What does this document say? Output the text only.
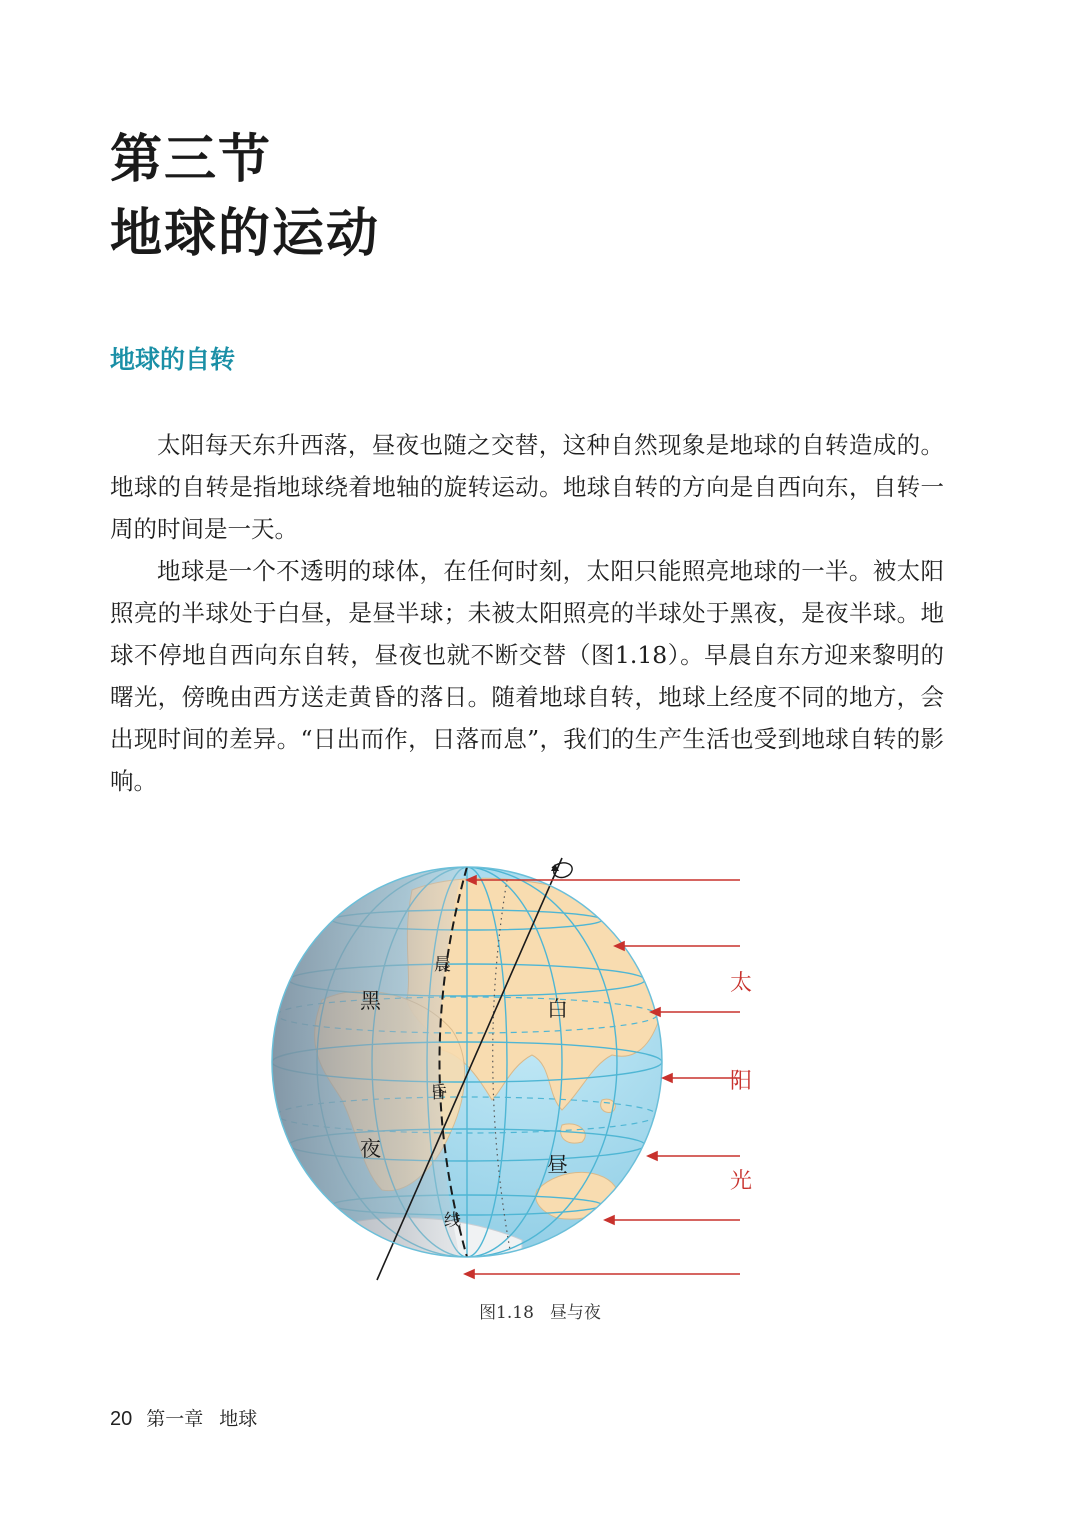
第三节
地球的运动
地球的自转

太阳每天东升西落，昼夜也随之交替，这种自然现象是地球的自转造成的。地球的自转是指地球绕着地轴的旋转运动。地球自转的方向是自西向东，自转一周的时间是一天。

地球是一个不透明的球体，在任何时刻，太阳只能照亮地球的一半。被太阳照亮的半球处于白昼，是昼半球；未被太阳照亮的半球处于黑夜，是夜半球。地球不停地自西向东自转，昼夜也就不断交替（图1.18）。早晨自东方迎来黎明的曙光，傍晚由西方送走黄昏的落日。随着地球自转，地球上经度不同的地方，会出现时间的差异。“日出而作，日落而息”，我们的生产生活也受到地球自转的影响。

黑
夜
白
昼
晨
昏
线
太
阳
光
图1.18 昼与夜
20 第一章 地球
